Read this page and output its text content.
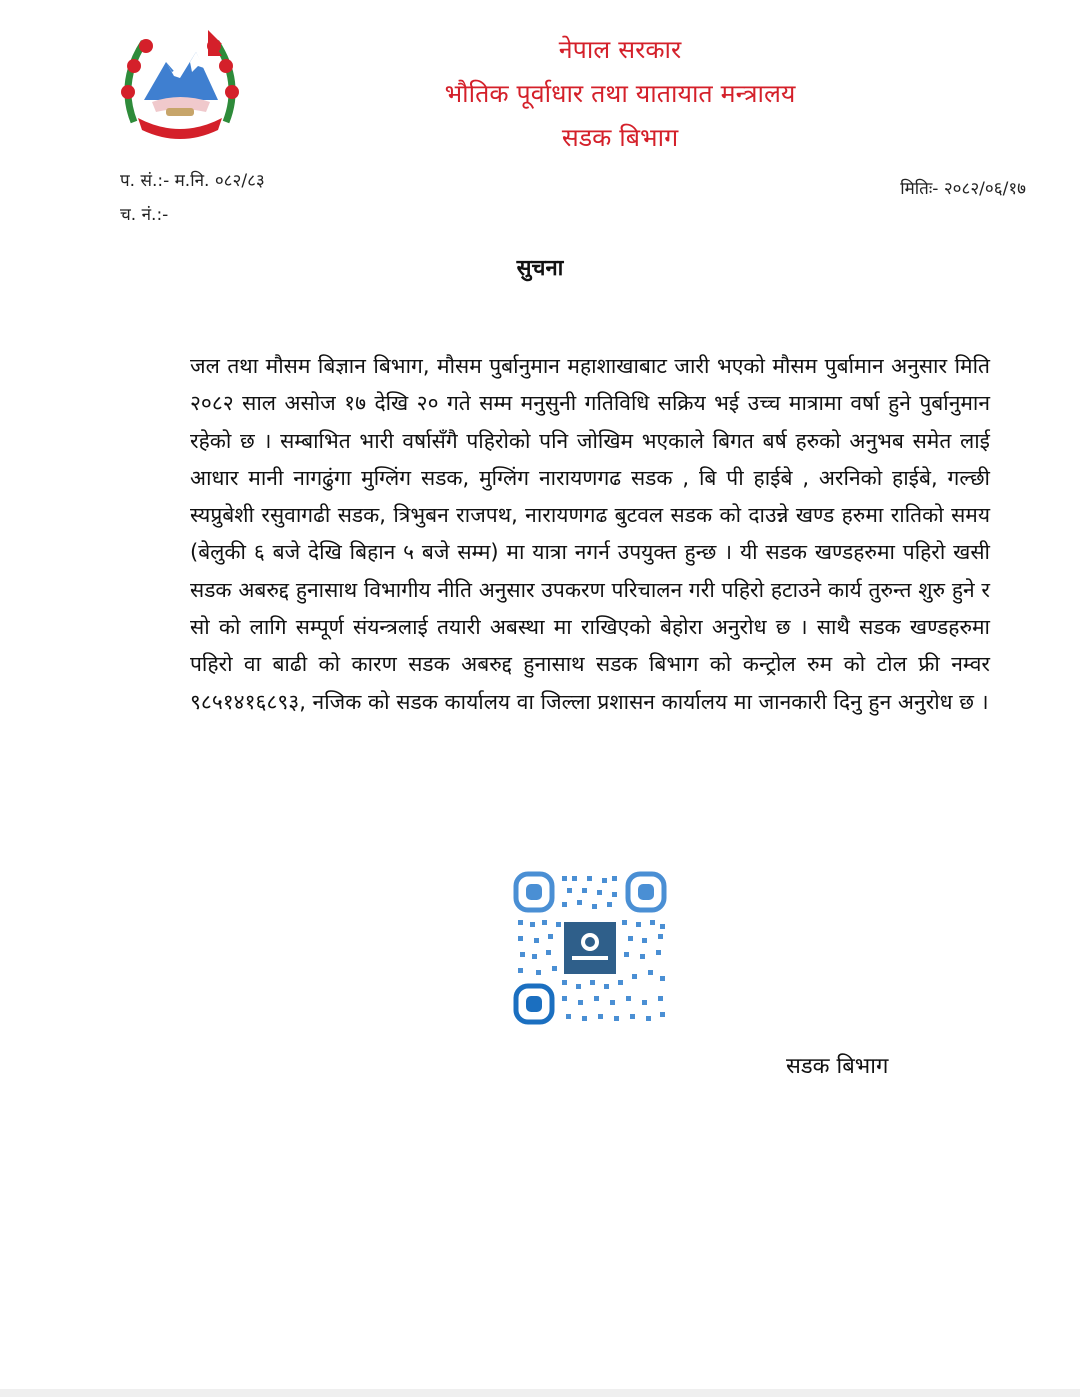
नेपाल सरकार
भौतिक पूर्वाधार तथा यातायात मन्त्रालय
सडक बिभाग
प. सं.:- म.नि. ०८२/८३
च. नं.:-
मितिः- २०८२/०६/१७
सुचना
जल तथा मौसम बिज्ञान बिभाग, मौसम पुर्बानुमान महाशाखाबाट जारी भएको मौसम पुर्बामान अनुसार मिति २०८२ साल असोज १७ देखि २० गते सम्म मनुसुनी गतिविधि सक्रिय भई उच्च मात्रामा वर्षा हुने पुर्बानुमान रहेको छ । सम्बाभित भारी वर्षासँगै पहिरोको पनि जोखिम भएकाले बिगत बर्ष हरुको अनुभब समेत लाई आधार मानी नागढुंगा मुग्लिंग सडक, मुग्लिंग नारायणगढ सडक , बि पी हाईबे , अरनिको हाईबे, गल्छी स्यप्रुबेशी रसुवागढी सडक, त्रिभुबन राजपथ, नारायणगढ बुटवल सडक को दाउन्ने खण्ड हरुमा रातिको समय (बेलुकी ६ बजे देखि बिहान ५ बजे सम्म) मा यात्रा नगर्न उपयुक्त हुन्छ । यी सडक खण्डहरुमा पहिरो खसी सडक अबरुद्द हुनासाथ विभागीय नीति अनुसार उपकरण परिचालन गरी पहिरो हटाउने कार्य तुरुन्त शुरु हुने र सो को लागि सम्पूर्ण संयन्त्रलाई तयारी अबस्था मा राखिएको बेहोरा अनुरोध छ । साथै सडक खण्डहरुमा पहिरो वा बाढी को कारण सडक अबरुद्द हुनासाथ सडक बिभाग को कन्ट्रोल रुम को टोल फ्री नम्वर ९८५१४१६८९३, नजिक को सडक कार्यालय वा जिल्ला प्रशासन कार्यालय मा जानकारी दिनु हुन अनुरोध छ ।
सडक बिभाग
